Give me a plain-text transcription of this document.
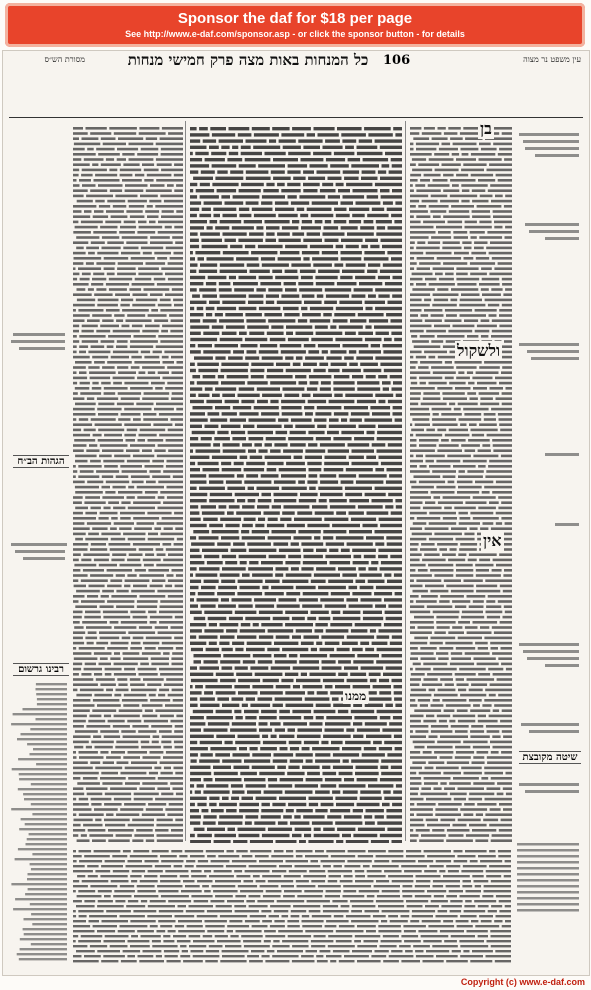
Sponsor the daf for $18 per page
See http://www.e-daf.com/sponsor.asp - or click the sponsor button - for details
עין משפט נר מצוה
106
כל המנחות באות מצה פרק חמישי מנחות
מסורת הש״ס
שיטה מקובצת
בן
ולשקול
אין
הגהות הב״ח
רבינו גרשום
ממנו
Copyright (c) www.e-daf.com
